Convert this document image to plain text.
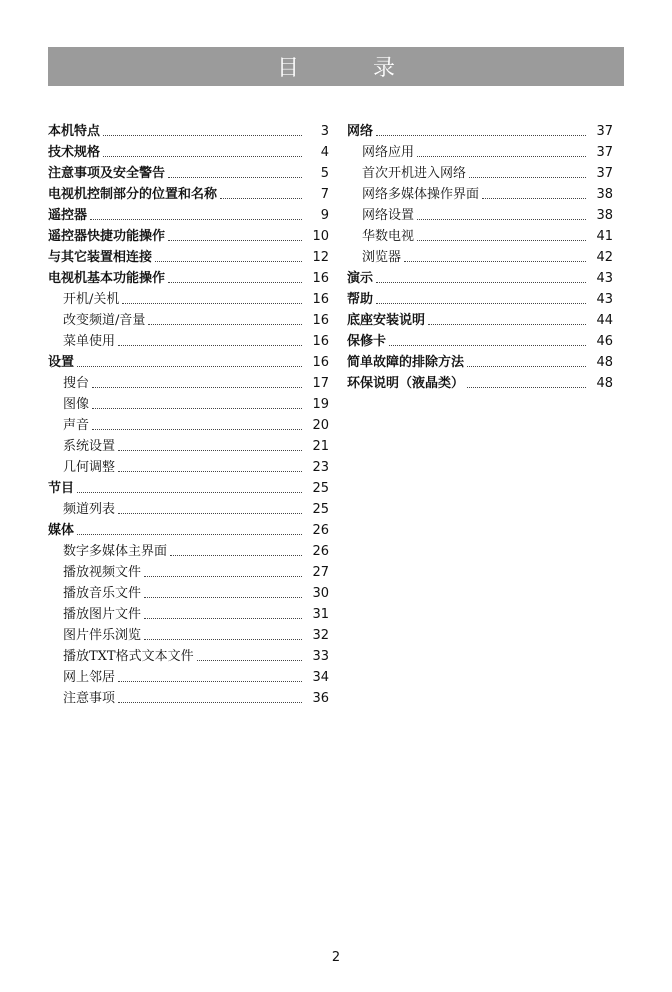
目　录
本机特点	3
技术规格	4
注意事项及安全警告	5
电视机控制部分的位置和名称	7
遥控器	9
遥控器快捷功能操作	10
与其它装置相连接	12
电视机基本功能操作	16
开机/关机	16
改变频道/音量	16
菜单使用	16
设置	16
搜台	17
图像	19
声音	20
系统设置	21
几何调整	23
节目	25
频道列表	25
媒体	26
数字多媒体主界面	26
播放视频文件	27
播放音乐文件	30
播放图片文件	31
图片伴乐浏览	32
播放TXT格式文本文件	33
网上邻居	34
注意事项	36
网络	37
网络应用	37
首次开机进入网络	37
网络多媒体操作界面	38
网络设置	38
华数电视	41
浏览器	42
演示	43
帮助	43
底座安装说明	44
保修卡	46
简单故障的排除方法	48
环保说明（液晶类）	48
2
